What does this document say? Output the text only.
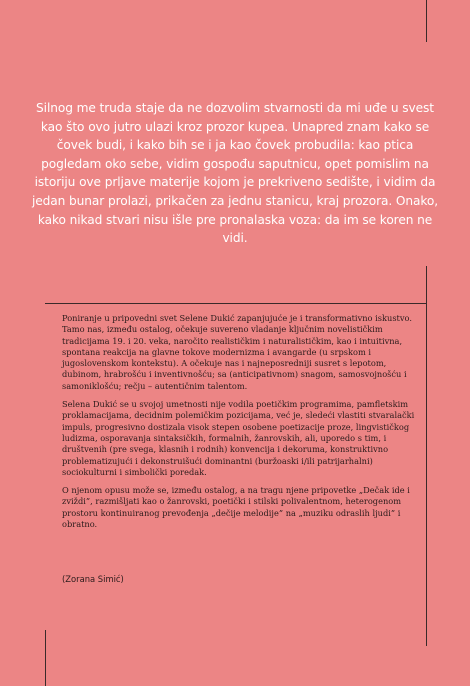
Silnog me truda staje da ne dozvolim stvarnosti da mi uđe u svest kao što ovo jutro ulazi kroz prozor kupea. Unapred znam kako se čovek budi, i kako bih se i ja kao čovek probudila: kao ptica pogledam oko sebe, vidim gospođu saputnicu, opet pomislim na istoriju ove prljave materije kojom je prekriveno sedište, i vidim da jedan bunar prolazi, prikačen za jednu stanicu, kraj prozora. Onako, kako nikad stvari nisu išle pre pronalaska voza: da im se koren ne vidi.

Poniranje u pripovedni svet Selene Dukić zapanjujuće je i transformativno iskustvo. Tamo nas, između ostalog, očekuje suvereno vladanje ključnim novelističkim tradicijama 19. i 20. veka, naročito realističkim i naturalističkim, kao i intuitivna, spontana reakcija na glavne tokove modernizma i avangarde (u srpskom i jugoslovenskom kontekstu). A očekuje nas i najneposredniji susret s lepotom, dubinom, hrabrošću i inventivnošću; sa (anticipativnom) snagom, samosvojnošću i samoniklošću; rečju – autentičnim talentom.

Selena Dukić se u svojoj umetnosti nije vodila poetičkim programima, pamfletskim proklamacijama, decidnim polemičkim pozicijama, već je, sledeći vlastiti stvaralački impuls, progresivno dostizala visok stepen osobene poetizacije proze, lingvističkog ludizma, osporavanja sintaksičkih, formalnih, žanrovskih, ali, uporedo s tim, i društvenih (pre svega, klasnih i rodnih) konvencija i dekoruma, konstruktivno problematizujući i dekonstruišući dominantni (buržoaski i/ili patrijarhalni) sociokulturni i simbolički poredak.

O njenom opusu može se, između ostalog, a na tragu njene pripovetke „Dečak ide i zviždi”, razmišljati kao o žanrovski, poetički i stilski polivalentnom, heterogenom prostoru kontinuiranog prevođenja „dečije melodije” na „muziku odraslih ljudi” i obratno.

(Zorana Simić)
